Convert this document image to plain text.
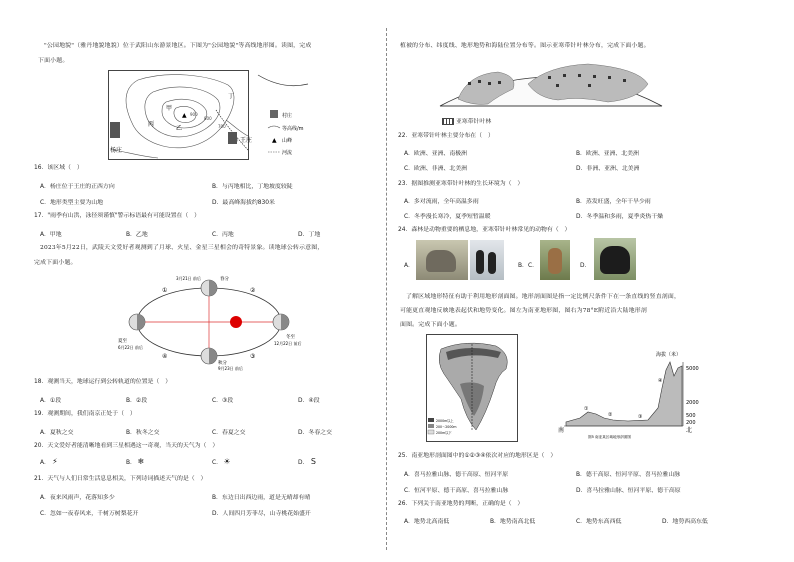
"公园地貌"（雅丹地貌地貌）位于武阳山东游景地区。下图为"公园地貌"等高线地形图。读图，完成
下面小题。
▲ 900
800
700
甲
乙
丙
丁
杨庄
王庄
村庄
等高线/m
▲ 山峰
河流
16．该区域（　）
A．杨庄位于王庄的正西方向	B．与丙地相比，丁地坡度较陡
C．地形类型主要为山地	D．最高峰海拔约830米
17．"雨季有山洪，泳径须谨慎"警示标语最有可能设置在（　）
A．甲地	B．乙地	C．丙地	D．丁地
2023年5月22日，武陵天文爱好者观测到了月球、火星、金星三星相会的奇特景象。读地球公转示意图，
完成下面小题。
①	②
③
④
春分
3月21日 前后
夏至
6月22日 前后
秋分
9月23日 前后
冬至
12月22日 前后
18．观测当天，地球运行到公转轨道的位置是（　）
A．①段	B．②段	C．③段	D．④段
19．观测期间，我们南京正处于（　）
A．夏秋之交	B．秋冬之交	C．春夏之交	D．冬春之交
20．天文爱好者能清晰地看到三星相遇这一奇观，当天的天气为（　）
A． ⚡	B． ❄	C．☀	D． S
21．天气与人们日常生活息息相关，下列诗词描述天气的是（　）
A．夜来风雨声，花落知多少	B．东边日出西边雨，道是无晴却有晴
C．忽如一夜春风来，千树万树梨花开	D．人间四月芳菲尽，山寺桃花始盛开
植被的分布、纬度线、地形地势和海陆位置分布等。图示亚寒带针叶林分布，完成下面小题。
亚寒带针叶林
22．亚寒带针叶林主要分布在（　）
A．欧洲、亚洲、南极洲	B．欧洲、亚洲、北美洲
C．欧洲、非洲、北美洲	D．非洲、亚洲、北美洲
23．据图推测亚寒带针叶林的生长环境为（　）
A．多对流雨，全年高温多雨	B．蒸发旺盛，全年干旱少雨
C．冬季漫长寒冷，夏季短暂温暖	D．冬季温和多雨，夏季炎热干燥
24．森林是动物重要的栖息地，亚寒带针叶林常见的动物有（　）
A．	B． C．	D．
了解区域地形特征有助于利用地形剖面图。地形剖面图是指一定比例尺条件下在一条直线的竖直剖面，
可能更直观地反映地表起伏和地势变化。图左为南亚地形图，图右为78°E附近沿大陆地形剖
面图。完成下面小题。
2000m以上
200～2000m
200m以下
海拔（米）
5000
2000
500
200
南	北
①
②	③
④
图5 南亚某区域地形剖面图
25．南亚地形剖面图中的①②③④依次对应的地形区是（　）
A．喜马拉雅山脉、德干高原、恒河平原	B．德干高原、恒河平原、喜马拉雅山脉
C．恒河平原、德干高原、喜马拉雅山脉	D．喜马拉雅山脉、恒河平原、德干高原
26．下列关于南亚地势的判断，正确的是（　）
A．地势北高南低	B．地势南高北低	C．地势东高西低	D．地势西高东低
